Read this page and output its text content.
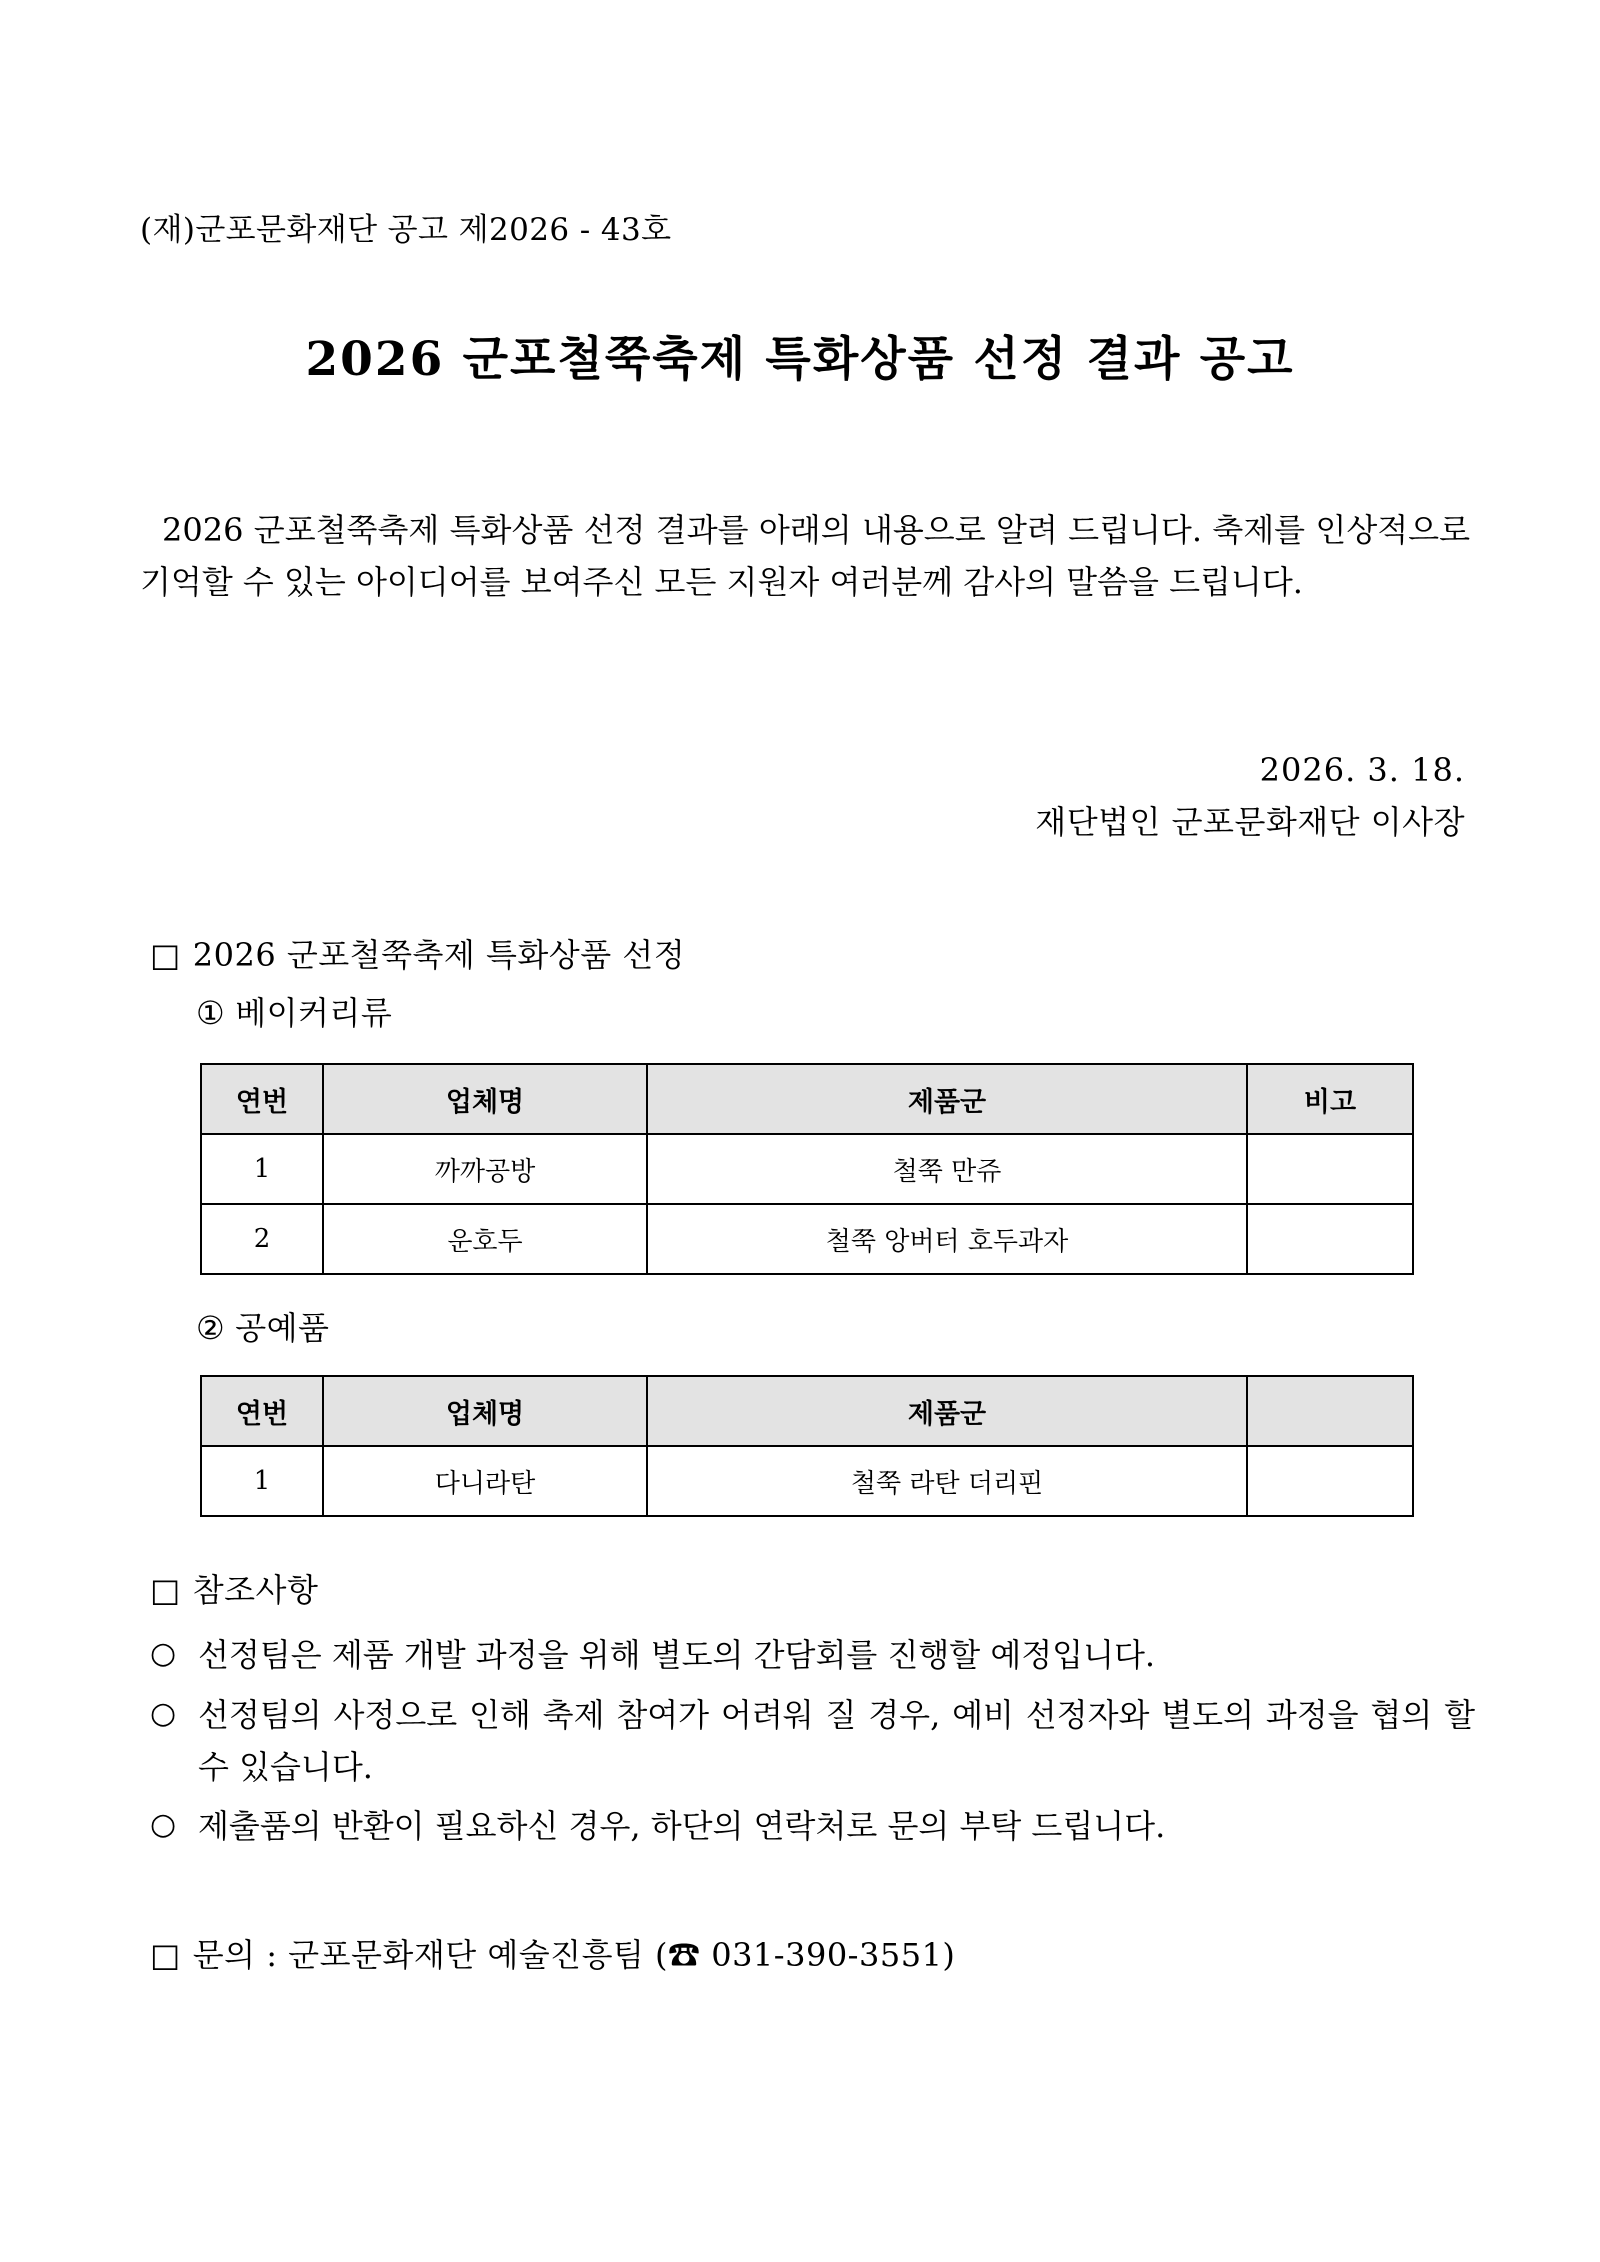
(재)군포문화재단 공고 제2026 - 43호
2026 군포철쭉축제 특화상품 선정 결과 공고
2026 군포철쭉축제 특화상품 선정 결과를 아래의 내용으로 알려 드립니다. 축제를 인상적으로 기억할 수 있는 아이디어를 보여주신 모든 지원자 여러분께 감사의 말씀을 드립니다.
2026. 3. 18.
재단법인 군포문화재단 이사장
□ 2026 군포철쭉축제 특화상품 선정
① 베이커리류
연번	업체명	제품군	비고
1	까까공방	철쭉 만쥬	
2	운호두	철쭉 앙버터 호두과자	
② 공예품
연번	업체명	제품군	
1	다니라탄	철쭉 라탄 더리핀	
□ 참조사항
○ 선정팀은 제품 개발 과정을 위해 별도의 간담회를 진행할 예정입니다.
○ 선정팀의 사정으로 인해 축제 참여가 어려워 질 경우, 예비 선정자와 별도의 과정을 협의 할 수 있습니다.
○ 제출품의 반환이 필요하신 경우, 하단의 연락처로 문의 부탁 드립니다.
□ 문의 : 군포문화재단 예술진흥팀 (☎ 031-390-3551)
